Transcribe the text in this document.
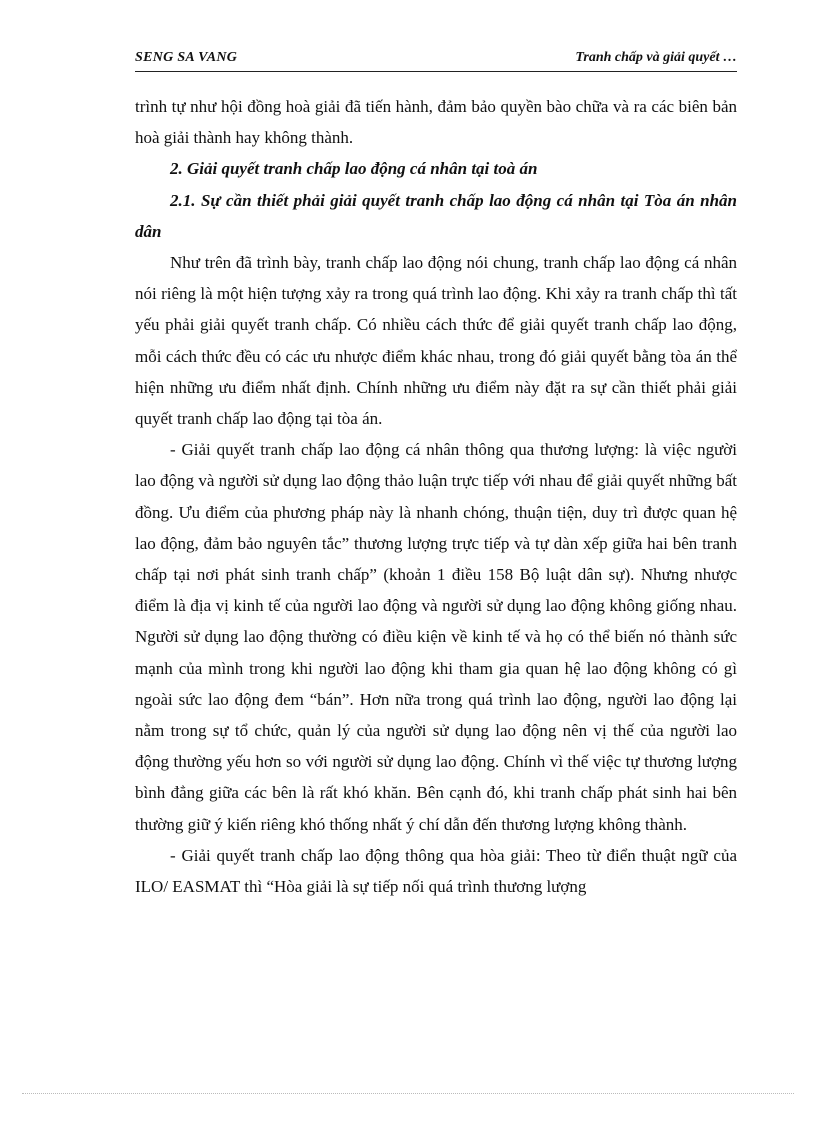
SENG SA VANG	Tranh chấp và giải quyết …

trình tự như hội đồng hoà giải đã tiến hành, đảm bảo quyền bào chữa và ra các biên bản hoà giải thành hay không thành.

2. Giải quyết tranh chấp lao động cá nhân tại toà án

2.1. Sự cần thiết phải giải quyết tranh chấp lao động cá nhân tại Tòa án nhân dân

Như trên đã trình bày, tranh chấp lao động nói chung, tranh chấp lao động cá nhân nói riêng là một hiện tượng xảy ra trong quá trình lao động. Khi xảy ra tranh chấp thì tất yếu phải giải quyết tranh chấp. Có nhiều cách thức để giải quyết tranh chấp lao động, mỗi cách thức đều có các ưu nhược điểm khác nhau, trong đó giải quyết bằng tòa án thể hiện những ưu điểm nhất định. Chính những ưu điểm này đặt ra sự cần thiết phải giải quyết tranh chấp lao động tại tòa án.

- Giải quyết tranh chấp lao động cá nhân thông qua thương lượng: là việc người lao động và người sử dụng lao động thảo luận trực tiếp với nhau để giải quyết những bất đồng. Ưu điểm của phương pháp này là nhanh chóng, thuận tiện, duy trì được quan hệ lao động, đảm bảo nguyên tắc” thương lượng trực tiếp và tự dàn xếp giữa hai bên tranh chấp tại nơi phát sinh tranh chấp” (khoản 1 điều 158 Bộ luật dân sự). Nhưng nhược điểm là địa vị kinh tế của người lao động và người sử dụng lao động không giống nhau. Người sử dụng lao động thường có điều kiện về kinh tế và họ có thể biến nó thành sức mạnh của mình trong khi người lao động khi tham gia quan hệ lao động không có gì ngoài sức lao động đem “bán”. Hơn nữa trong quá trình lao động, người lao động lại nằm trong sự tổ chức, quản lý của người sử dụng lao động nên vị thế của người lao động thường yếu hơn so với người sử dụng lao động. Chính vì thế việc tự thương lượng bình đẳng giữa các bên là rất khó khăn. Bên cạnh đó, khi tranh chấp phát sinh hai bên thường giữ ý kiến riêng khó thống nhất ý chí dẫn đến thương lượng không thành.

- Giải quyết tranh chấp lao động thông qua hòa giải: Theo từ điển thuật ngữ của ILO/ EASMAT thì “Hòa giải là sự tiếp nối quá trình thương lượng
